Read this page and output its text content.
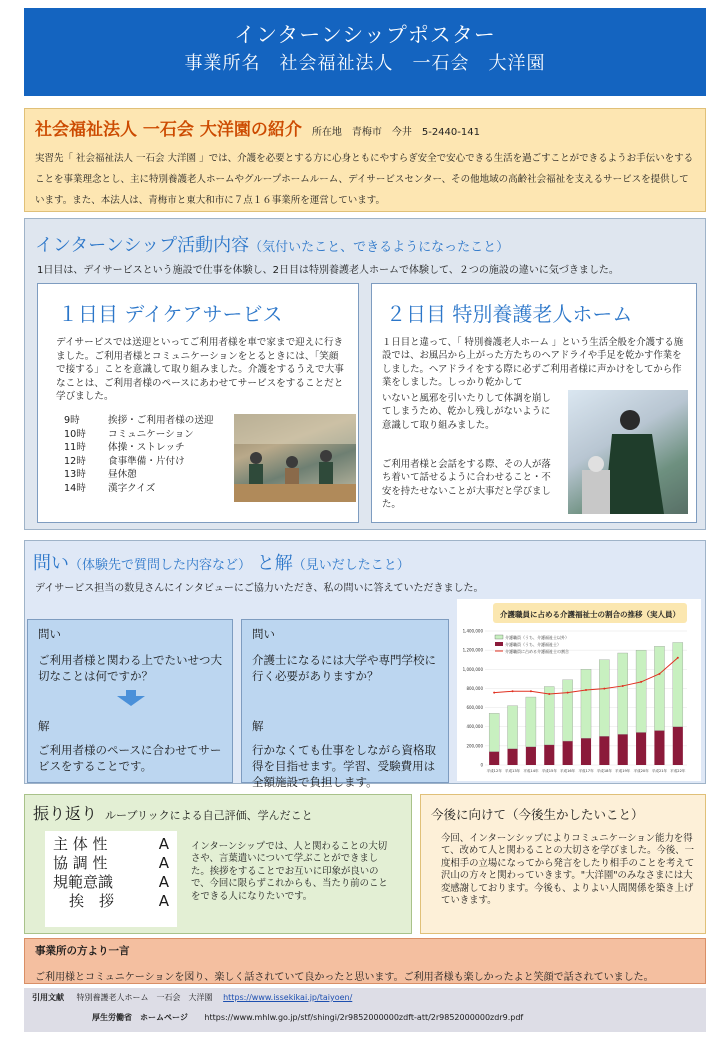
インターンシップポスター
事業所名　社会福祉法人　一石会　大洋園
社会福祉法人 一石会 大洋園の紹介 所在地　青梅市　今井　5-2440-141
実習先「 社会福祉法人 一石会 大洋園 」では、介護を必要とする方に心身ともにやすらぎ安全で安心できる生活を過ごすことができるようお手伝いをすることを事業理念とし、主に特別養護老人ホームやグループホームルーム、デイサービスセンター、その他地域の高齢社会福祉を支えるサービスを提供しています。また、本法人は、青梅市と東大和市に７点１６事業所を運営しています。
インターンシップ活動内容（気付いたこと、できるようになったこと）
1日目は、デイサービスという施設で仕事を体験し、2日目は特別養護老人ホームで体験して、２つの施設の違いに気づきました。
１日目 デイケアサービス
デイサービスでは送迎といってご利用者様を車で家まで迎えに行きました。ご利用者様とコミュニケーションをとるときには、「笑顔で接する」ことを意識して取り組みました。介護をするうえで大事なことは、ご利用者様のペースにあわせてサービスをすることだと学びました。
9時	挨拶・ご利用者様の送迎
10時	コミュニケーション
11時	体操・ストレッチ
12時	食事準備・片付け
13時	昼休憩
14時	漢字クイズ
２日目 特別養護老人ホーム
１日目と違って、「 特別養護老人ホーム 」という生活全般を介護する施設では、お風呂から上がった方たちのヘアドライや手足を乾かす作業をしました。ヘアドライをする際に必ずご利用者様に声かけをしてから作業をしました。しっかり乾かして
いないと風邪を引いたりして体調を崩してしまうため、乾かし残しがないように意識して取り組みました。
ご利用者様と会話をする際、その人が落ち着いて話せるように合わせること・不安を持たせないことが大事だと学びました。
問い（体験先で質問した内容など） と解（見いだしたこと）
デイサービス担当の数見さんにインタビューにご協力いただき、私の問いに答えていただきました。
問い
ご利用者様と関わる上でたいせつ大切なことは何ですか？
解
ご利用者様のペースに合わせてサービスをすることです。
問い
介護士になるには大学や専門学校に行く必要がありますか？
解
行かなくても仕事をしながら資格取得を目指せます。学習、受験費用は全額施設で負担します。
介護職員に占める介護福祉士の割合の推移（実人員）
1,400,000
1,200,000
1,000,000
800,000
600,000
400,000
200,000
0
平成12年 平成13年 平成14年 平成15年 平成16年 平成17年 平成18年 平成19年 平成20年 平成21年 平成22年
介護職員（うち、介護福祉士以外）
介護職員（うち、介護福祉士）
介護職員に占める介護福祉士の割合
振り返り ルーブリックによる自己評価、学んだこと
主 体 性	A
協 調 性	A
規範意識	A
挨　拶	A
インターンシップでは、人と関わることの大切さや、言葉遣いについて学ぶことができました。挨拶をすることでお互いに印象が良いので、今回に限らずこれからも、当たり前のことをできる人になりたいです。
今後に向けて（今後生かしたいこと）
今回、インターンシップによりコミュニケーション能力を得て、改めて人と関わることの大切さを学びました。今後、一度相手の立場になってから発言をしたり相手のことを考えて沢山の方々と関わっていきます。"大洋園"のみなさまには大変感謝しております。今後も、よりよい人間関係を築き上げていきます。
事業所の方より一言
ご利用様とコミュニケーションを図り、楽しく話されていて良かったと思います。ご利用者様も楽しかったよと笑顔で話されていました。
引用文献 特別養護老人ホーム　一石会　大洋園 https://www.issekikai.jp/taiyoen/
厚生労働省　ホームページ https://www.mhlw.go.jp/stf/shingi/2r9852000000zdft-att/2r9852000000zdr9.pdf
